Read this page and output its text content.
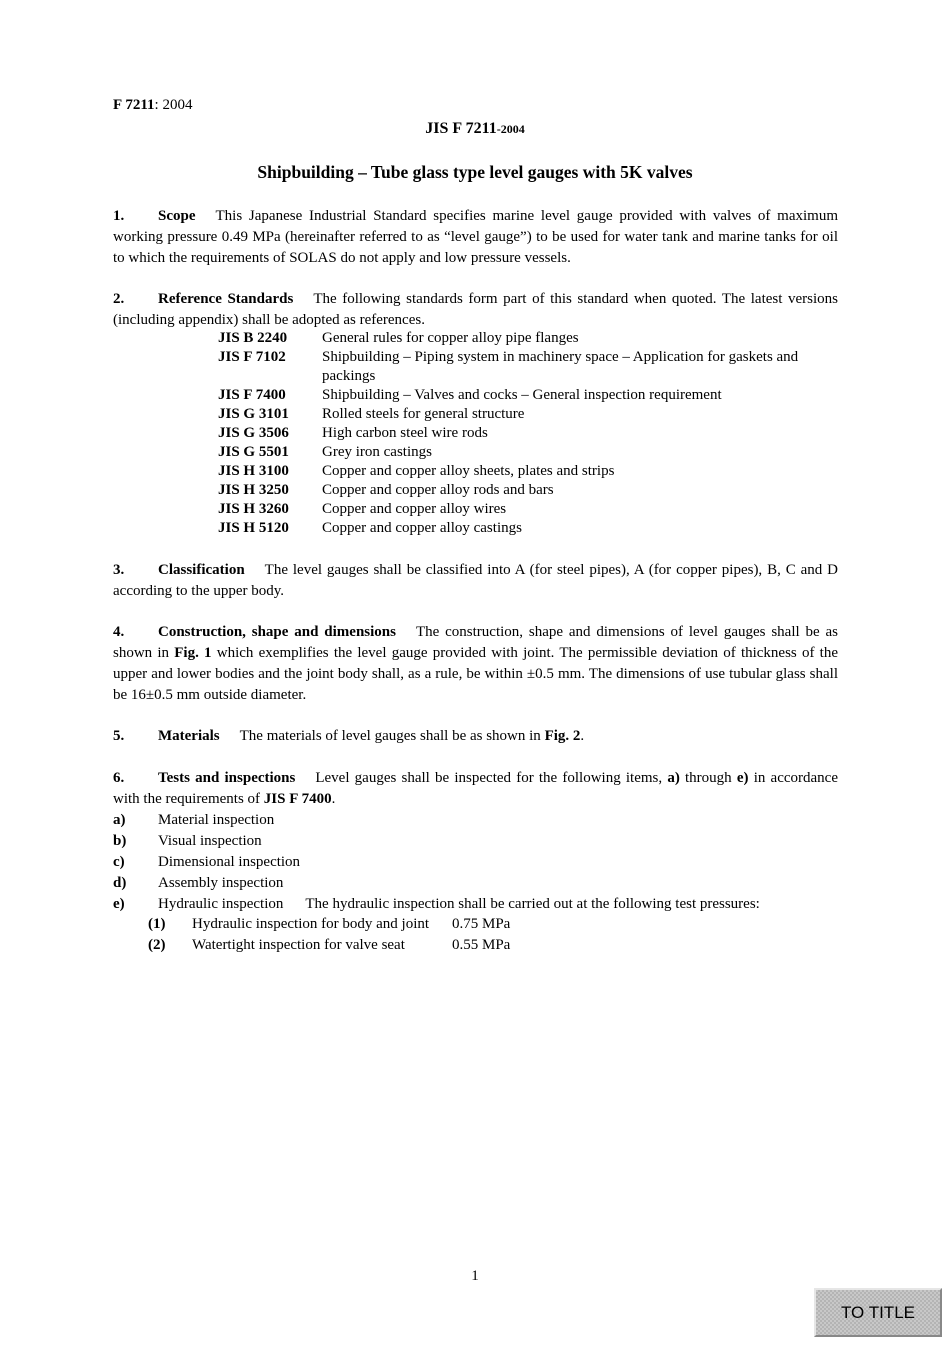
F 7211: 2004
JIS F 7211-2004
Shipbuilding – Tube glass type level gauges with 5K valves
1. Scope This Japanese Industrial Standard specifies marine level gauge provided with valves of maximum working pressure 0.49 MPa (hereinafter referred to as “level gauge”) to be used for water tank and marine tanks for oil to which the requirements of SOLAS do not apply and low pressure vessels.
2. Reference Standards The following standards form part of this standard when quoted. The latest versions (including appendix) shall be adopted as references.
JIS B 2240	General rules for copper alloy pipe flanges
JIS F 7102	Shipbuilding – Piping system in machinery space – Application for gaskets and packings
JIS F 7400	Shipbuilding – Valves and cocks – General inspection requirement
JIS G 3101	Rolled steels for general structure
JIS G 3506	High carbon steel wire rods
JIS G 5501	Grey iron castings
JIS H 3100	Copper and copper alloy sheets, plates and strips
JIS H 3250	Copper and copper alloy rods and bars
JIS H 3260	Copper and copper alloy wires
JIS H 5120	Copper and copper alloy castings
3. Classification The level gauges shall be classified into A (for steel pipes), A (for copper pipes), B, C and D according to the upper body.
4. Construction, shape and dimensions The construction, shape and dimensions of level gauges shall be as shown in Fig. 1 which exemplifies the level gauge provided with joint. The permissible deviation of thickness of the upper and lower bodies and the joint body shall, as a rule, be within ±0.5 mm. The dimensions of use tubular glass shall be 16±0.5 mm outside diameter.
5. Materials The materials of level gauges shall be as shown in Fig. 2.
6. Tests and inspections Level gauges shall be inspected for the following items, a) through e) in accordance with the requirements of JIS F 7400.
a) Material inspection
b) Visual inspection
c) Dimensional inspection
d) Assembly inspection
e) Hydraulic inspection The hydraulic inspection shall be carried out at the following test pressures:
(1) Hydraulic inspection for body and joint 0.75 MPa
(2) Watertight inspection for valve seat	0.55 MPa
1
TO TITLE
